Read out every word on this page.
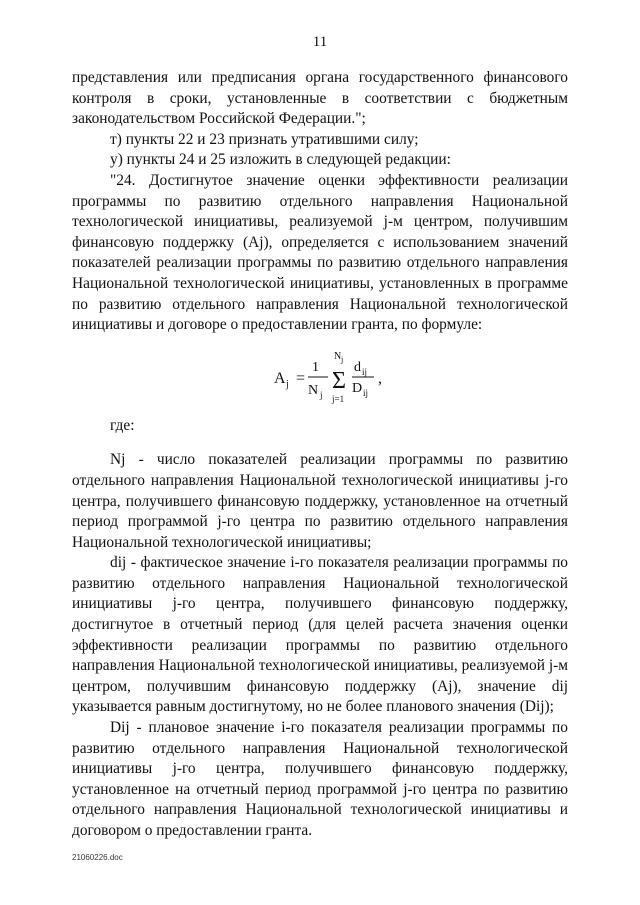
11

представления или предписания органа государственного финансового контроля в сроки, установленные в соответствии с бюджетным законодательством Российской Федерации.";

т) пункты 22 и 23 признать утратившими силу;

у) пункты 24 и 25 изложить в следующей редакции:

"24. Достигнутое значение оценки эффективности реализации программы по развитию отдельного направления Национальной технологической инициативы, реализуемой j-м центром, получившим финансовую поддержку (Aj), определяется с использованием значений показателей реализации программы по развитию отдельного направления Национальной технологической инициативы, установленных в программе по развитию отдельного направления Национальной технологической инициативы и договоре о предоставлении гранта, по формуле:

A j =
1
N j
N j
Σ
j=1
d ij
D ij
,

где:

Nj - число показателей реализации программы по развитию отдельного направления Национальной технологической инициативы j-го центра, получившего финансовую поддержку, установленное на отчетный период программой j-го центра по развитию отдельного направления Национальной технологической инициативы;

dij - фактическое значение i-го показателя реализации программы по развитию отдельного направления Национальной технологической инициативы j-го центра, получившего финансовую поддержку, достигнутое в отчетный период (для целей расчета значения оценки эффективности реализации программы по развитию отдельного направления Национальной технологической инициативы, реализуемой j-м центром, получившим финансовую поддержку (Aj), значение dij указывается равным достигнутому, но не более планового значения (Dij);

Dij - плановое значение i-го показателя реализации программы по развитию отдельного направления Национальной технологической инициативы j-го центра, получившего финансовую поддержку, установленное на отчетный период программой j-го центра по развитию отдельного направления Национальной технологической инициативы и договором о предоставлении гранта.

21060226.doc
